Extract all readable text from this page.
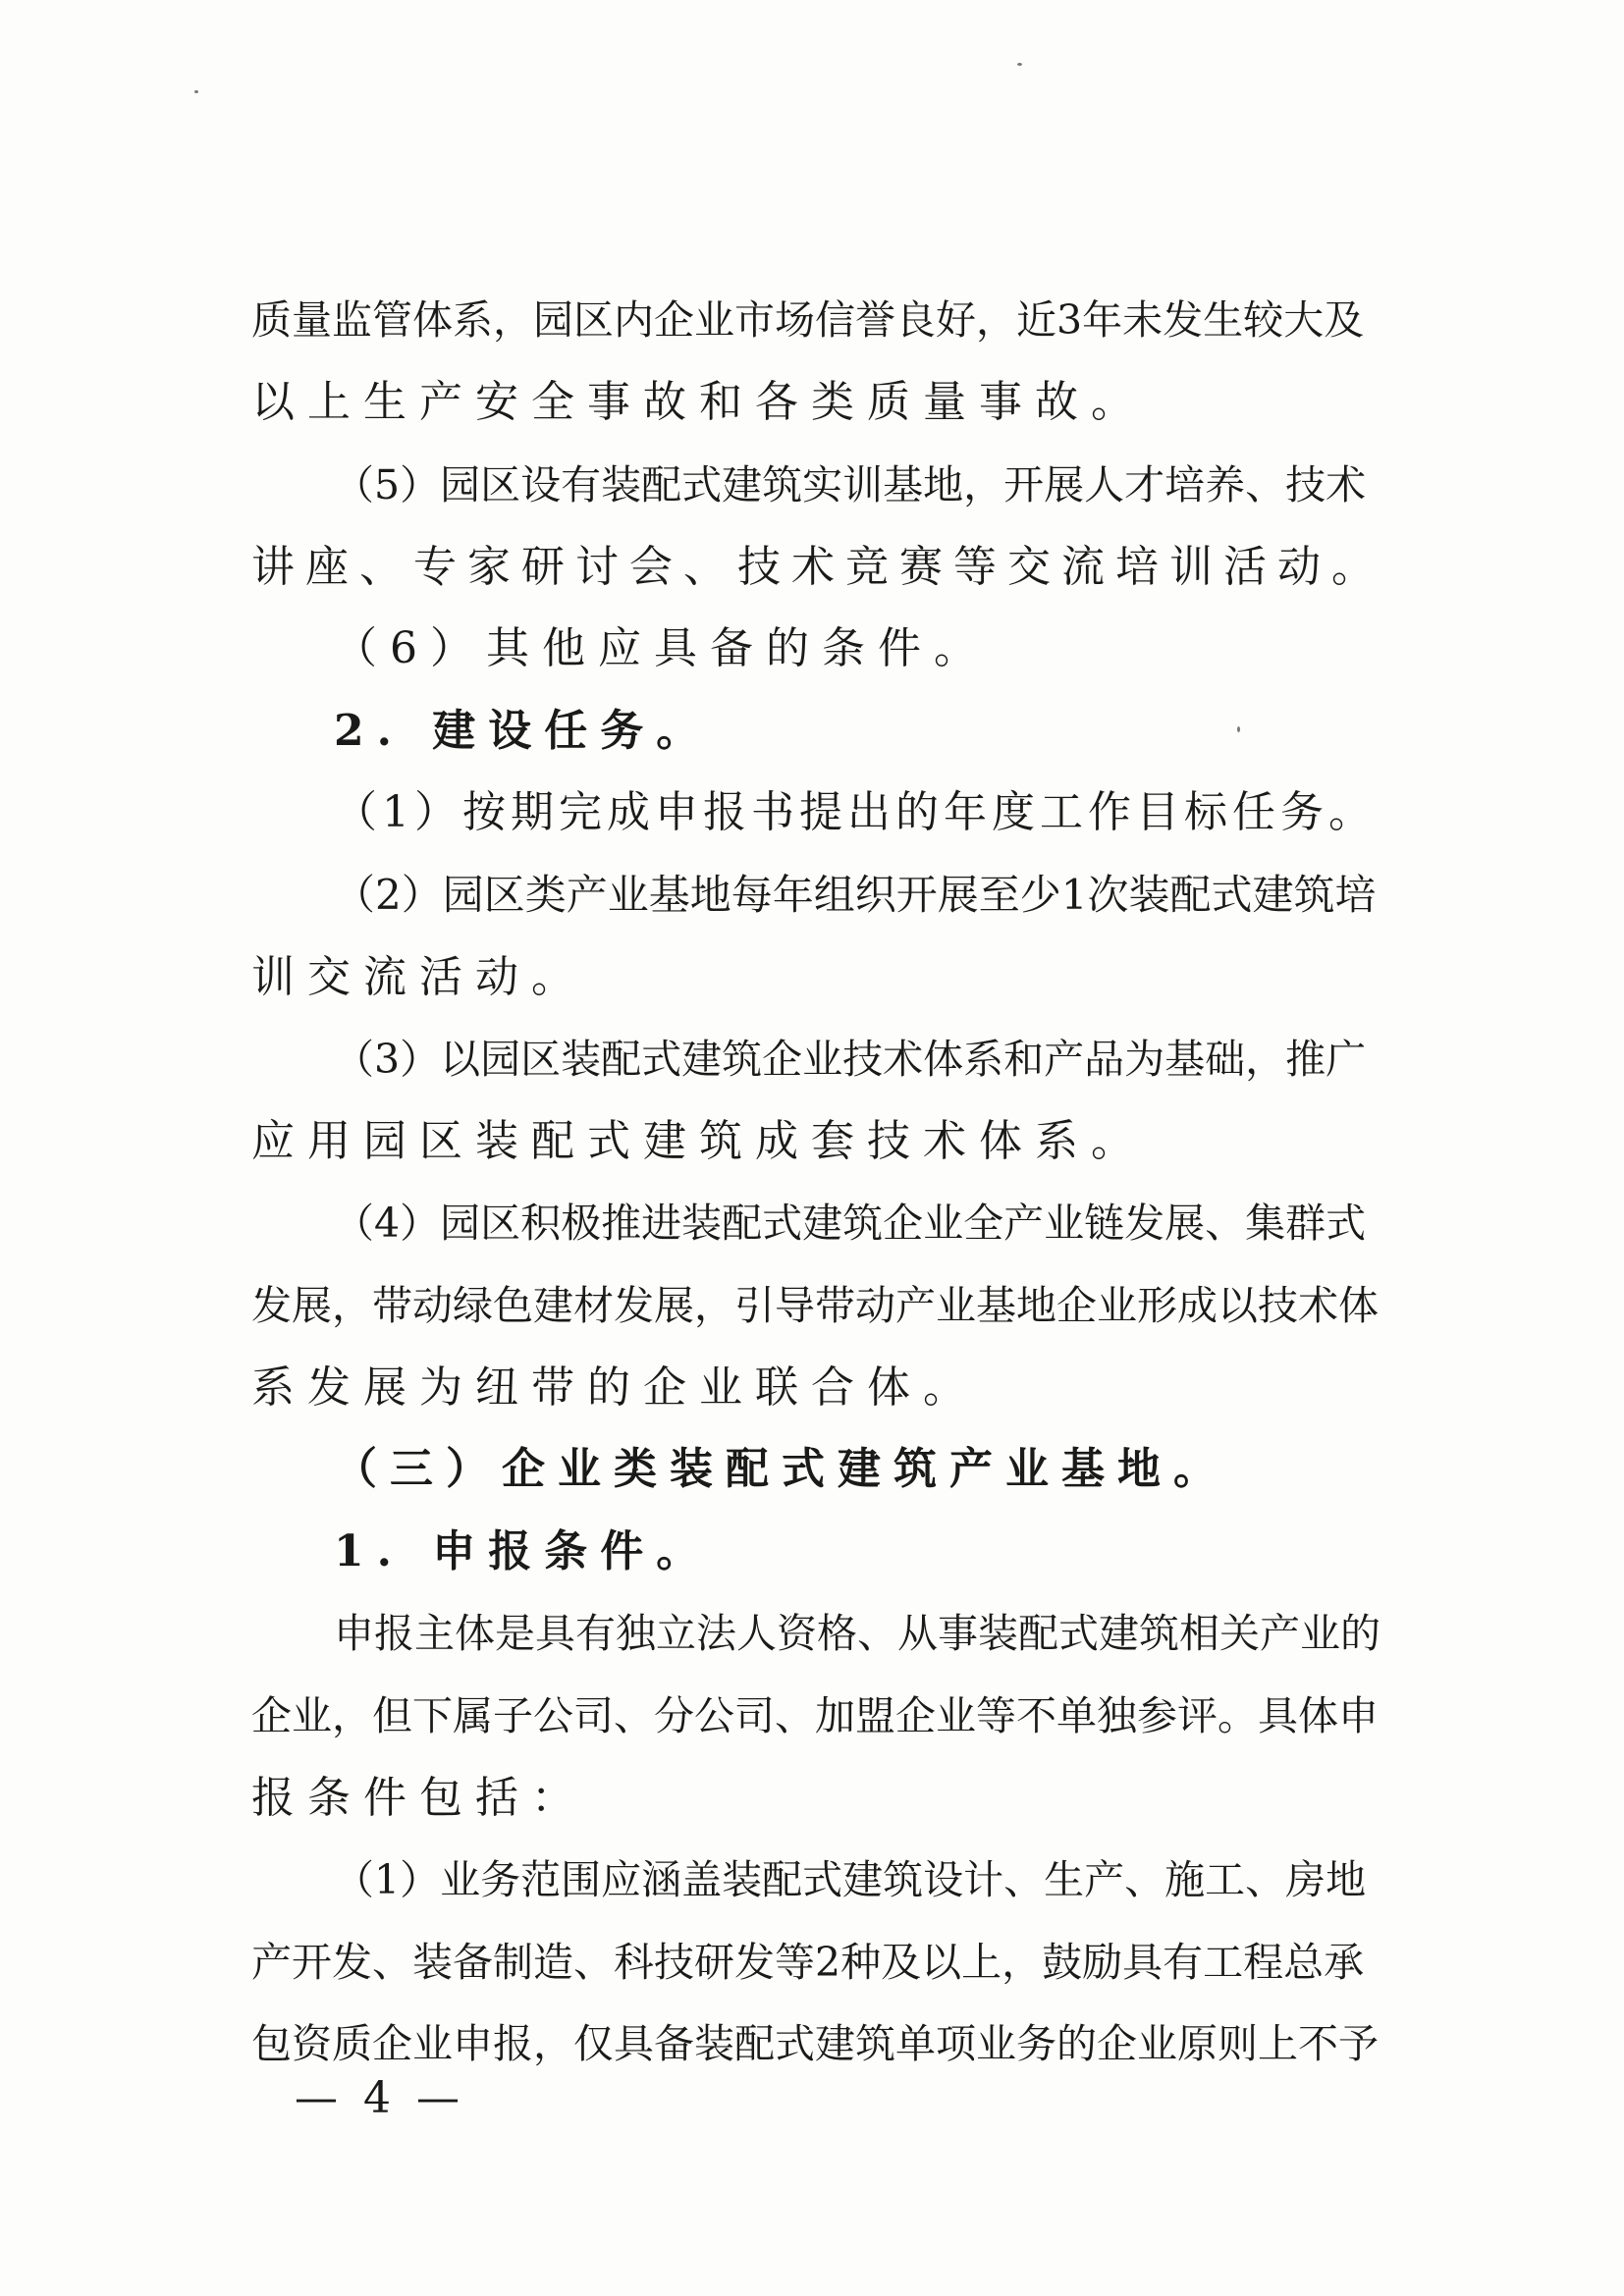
质量监管体系，园区内企业市场信誉良好，近3年未发生较大及
以上生产安全事故和各类质量事故。
（5）园区设有装配式建筑实训基地，开展人才培养、技术
讲座、专家研讨会、技术竞赛等交流培训活动。
（6）其他应具备的条件。
2. 建设任务。
（1）按期完成申报书提出的年度工作目标任务。
（2）园区类产业基地每年组织开展至少1次装配式建筑培
训交流活动。
（3）以园区装配式建筑企业技术体系和产品为基础，推广
应用园区装配式建筑成套技术体系。
（4）园区积极推进装配式建筑企业全产业链发展、集群式
发展，带动绿色建材发展，引导带动产业基地企业形成以技术体
系发展为纽带的企业联合体。
（三）企业类装配式建筑产业基地。
1. 申报条件。
申报主体是具有独立法人资格、从事装配式建筑相关产业的
企业，但下属子公司、分公司、加盟企业等不单独参评。具体申
报条件包括：
（1）业务范围应涵盖装配式建筑设计、生产、施工、房地
产开发、装备制造、科技研发等2种及以上，鼓励具有工程总承
包资质企业申报，仅具备装配式建筑单项业务的企业原则上不予
— 4 —
